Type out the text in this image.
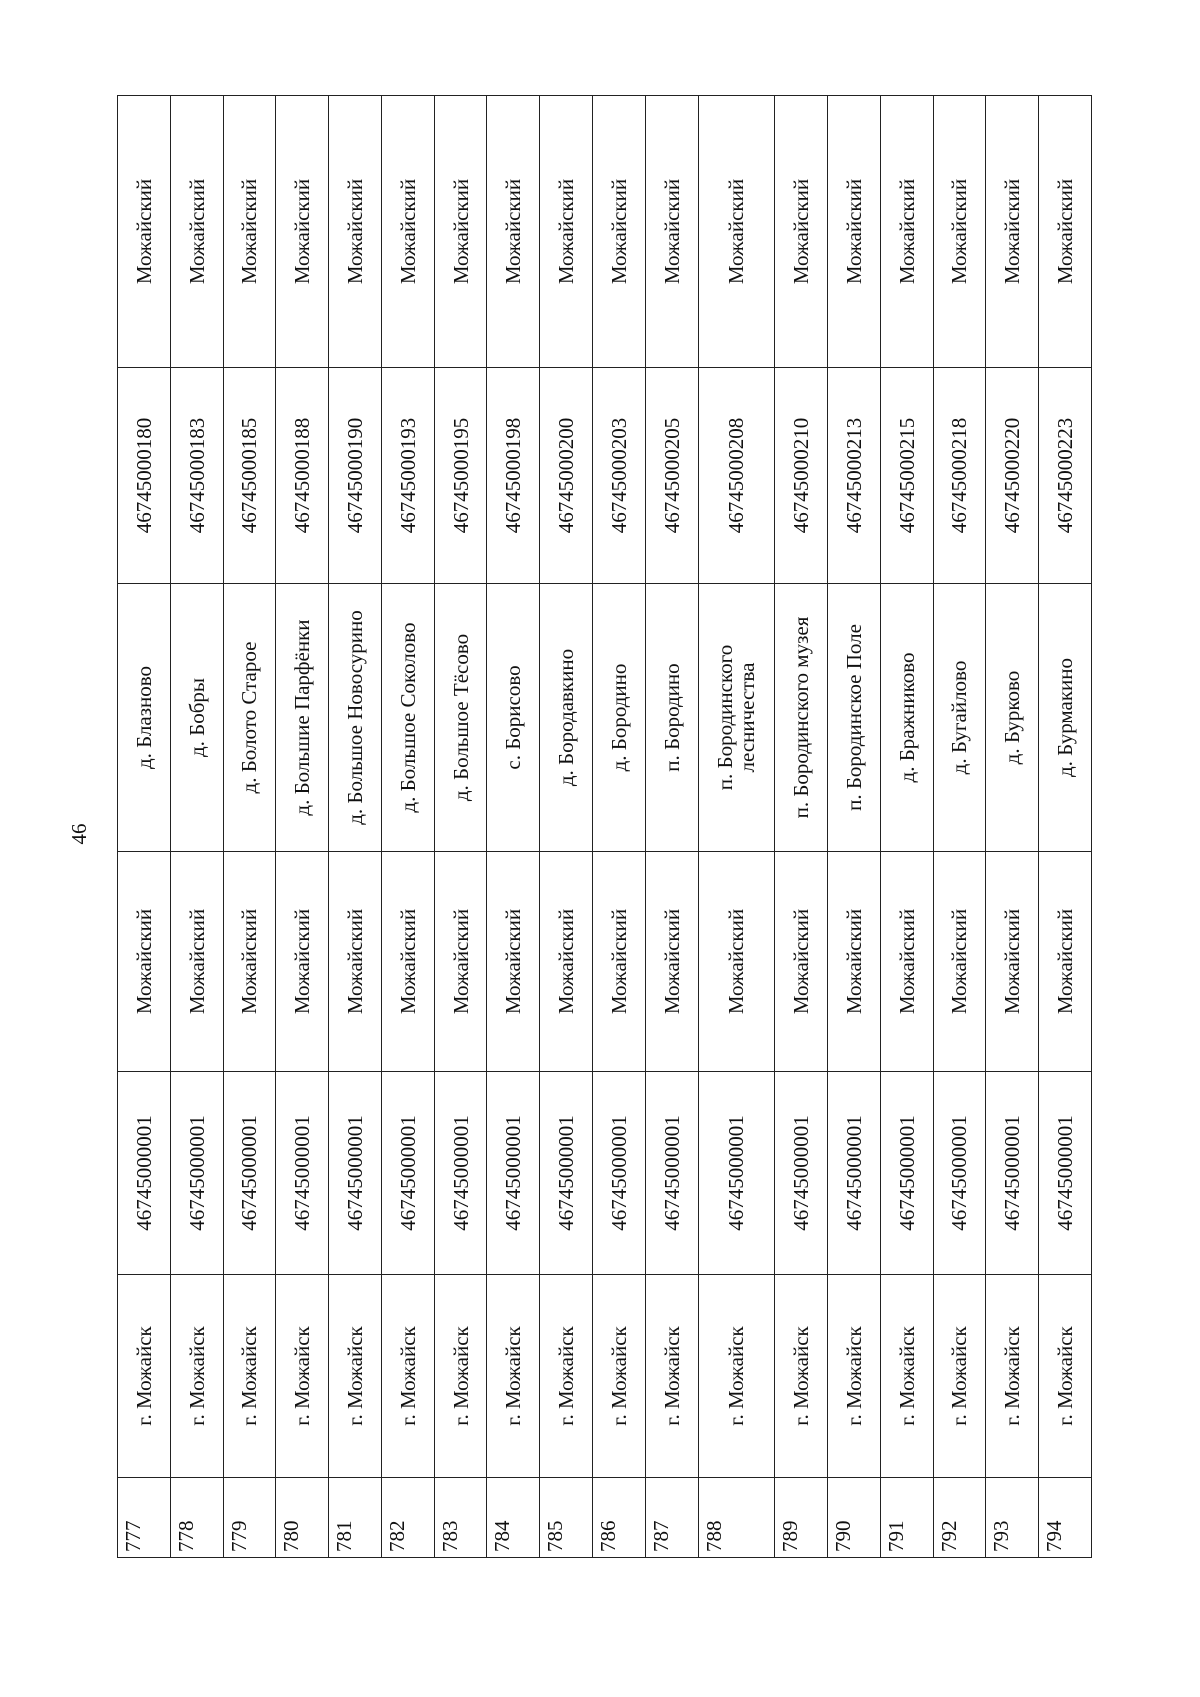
46
777	г. Можайск	46745000001	Можайский	д. Блазново	46745000180	Можайский
778	г. Можайск	46745000001	Можайский	д. Бобры	46745000183	Можайский
779	г. Можайск	46745000001	Можайский	д. Болото Старое	46745000185	Можайский
780	г. Можайск	46745000001	Можайский	д. Большие Парфёнки	46745000188	Можайский
781	г. Можайск	46745000001	Можайский	д. Большое Новосурино	46745000190	Можайский
782	г. Можайск	46745000001	Можайский	д. Большое Соколово	46745000193	Можайский
783	г. Можайск	46745000001	Можайский	д. Большое Тёсово	46745000195	Можайский
784	г. Можайск	46745000001	Можайский	с. Борисово	46745000198	Можайский
785	г. Можайск	46745000001	Можайский	д. Бородавкино	46745000200	Можайский
786	г. Можайск	46745000001	Можайский	д. Бородино	46745000203	Можайский
787	г. Можайск	46745000001	Можайский	п. Бородино	46745000205	Можайский
788	г. Можайск	46745000001	Можайский	п. Бородинского лесничества	46745000208	Можайский
789	г. Можайск	46745000001	Можайский	п. Бородинского музея	46745000210	Можайский
790	г. Можайск	46745000001	Можайский	п. Бородинское Поле	46745000213	Можайский
791	г. Можайск	46745000001	Можайский	д. Бражниково	46745000215	Можайский
792	г. Можайск	46745000001	Можайский	д. Бугайлово	46745000218	Можайский
793	г. Можайск	46745000001	Можайский	д. Бурково	46745000220	Можайский
794	г. Можайск	46745000001	Можайский	д. Бурмакино	46745000223	Можайский
